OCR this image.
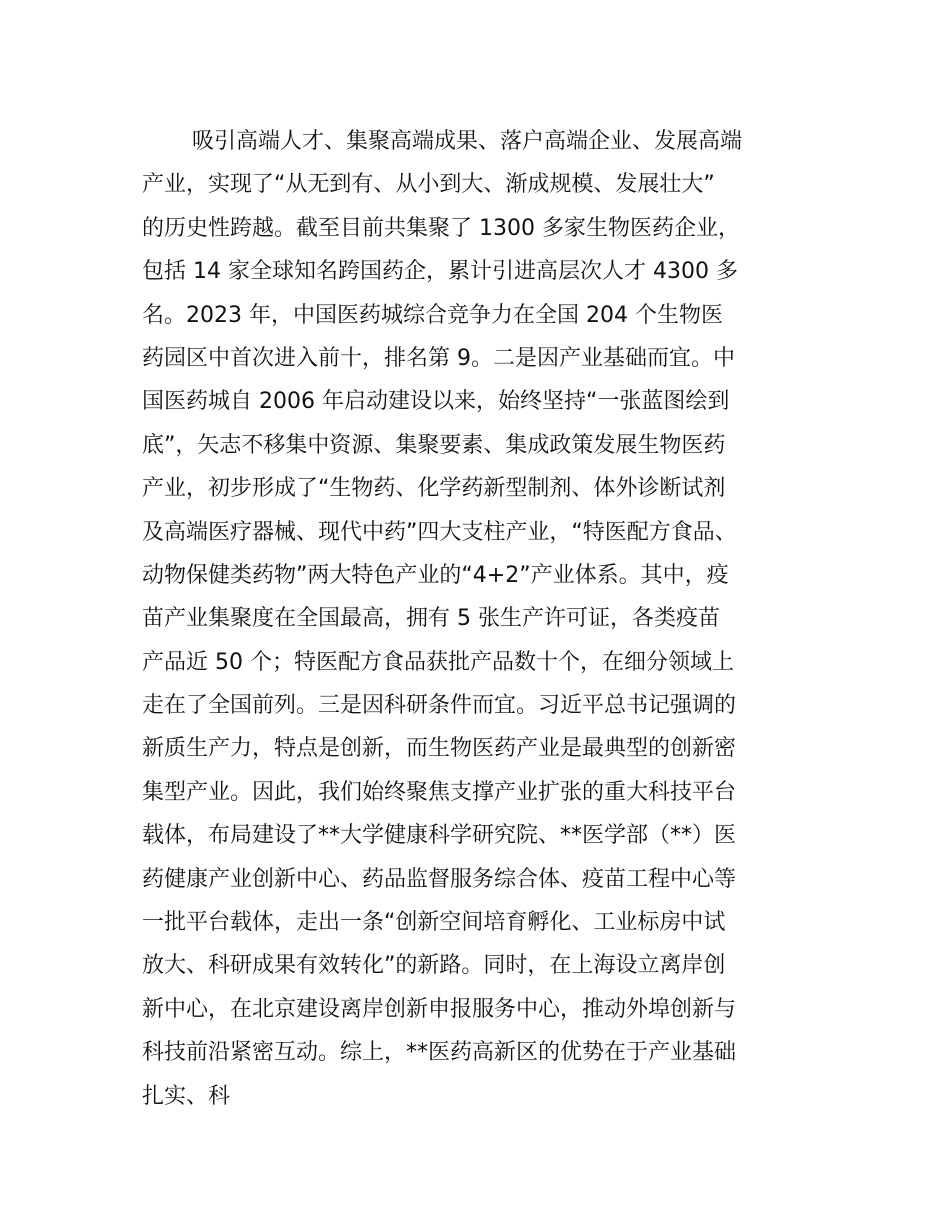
吸引高端人才、集聚高端成果、落户高端企业、发展高端
产业，实现了“从无到有、从小到大、渐成规模、发展壮大”
的历史性跨越。截至目前共集聚了 1300 多家生物医药企业，
包括 14 家全球知名跨国药企，累计引进高层次人才 4300 多
名。2023 年，中国医药城综合竞争力在全国 204 个生物医
药园区中首次进入前十，排名第 9。二是因产业基础而宜。中
国医药城自 2006 年启动建设以来，始终坚持“一张蓝图绘到
底”，矢志不移集中资源、集聚要素、集成政策发展生物医药
产业，初步形成了“生物药、化学药新型制剂、体外诊断试剂
及高端医疗器械、现代中药”四大支柱产业，“特医配方食品、
动物保健类药物”两大特色产业的“4+2”产业体系。其中，疫
苗产业集聚度在全国最高，拥有 5 张生产许可证，各类疫苗
产品近 50 个；特医配方食品获批产品数十个，在细分领域上
走在了全国前列。三是因科研条件而宜。习近平总书记强调的
新质生产力，特点是创新，而生物医药产业是最典型的创新密
集型产业。因此，我们始终聚焦支撑产业扩张的重大科技平台
载体，布局建设了**大学健康科学研究院、**医学部（**）医
药健康产业创新中心、药品监督服务综合体、疫苗工程中心等
一批平台载体，走出一条“创新空间培育孵化、工业标房中试
放大、科研成果有效转化”的新路。同时，在上海设立离岸创
新中心，在北京建设离岸创新申报服务中心，推动外埠创新与
科技前沿紧密互动。综上，**医药高新区的优势在于产业基础
扎实、科
